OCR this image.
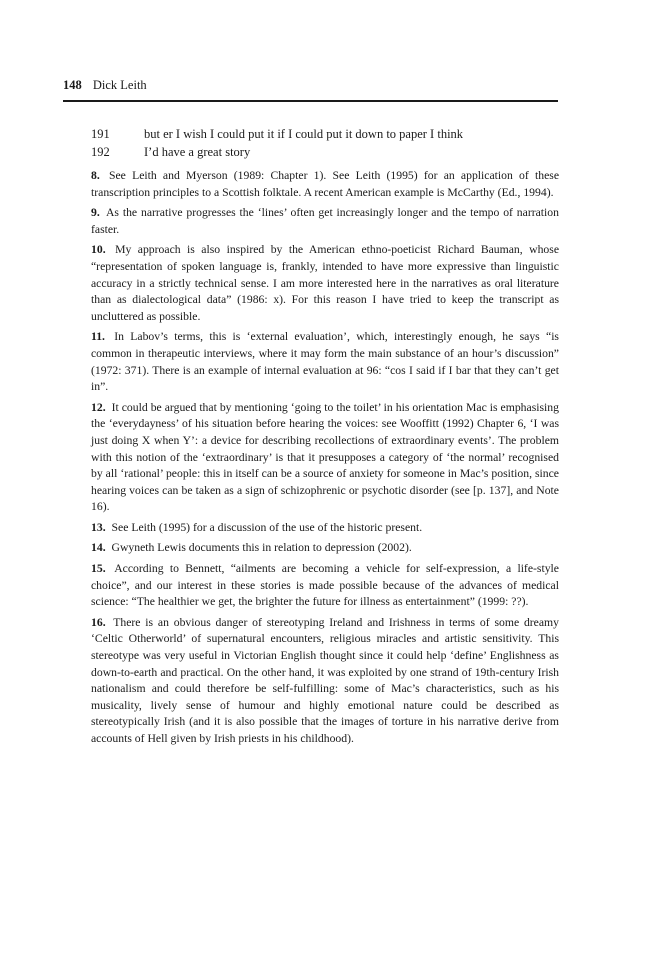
148 Dick Leith
191	but er I wish I could put it if I could put it down to paper I think
192	I’d have a great story

8. See Leith and Myerson (1989: Chapter 1). See Leith (1995) for an application of these transcription principles to a Scottish folktale. A recent American example is McCarthy (Ed., 1994).

9. As the narrative progresses the ‘lines’ often get increasingly longer and the tempo of narration faster.

10. My approach is also inspired by the American ethno-poeticist Richard Bauman, whose “representation of spoken language is, frankly, intended to have more expressive than linguistic accuracy in a strictly technical sense. I am more interested here in the narratives as oral literature than as dialectological data” (1986: x). For this reason I have tried to keep the transcript as uncluttered as possible.

11. In Labov’s terms, this is ‘external evaluation’, which, interestingly enough, he says “is common in therapeutic interviews, where it may form the main substance of an hour’s discussion” (1972: 371). There is an example of internal evaluation at 96: “cos I said if I bar that they can’t get in”.

12. It could be argued that by mentioning ‘going to the toilet’ in his orientation Mac is emphasising the ‘everydayness’ of his situation before hearing the voices: see Wooffitt (1992) Chapter 6, ‘I was just doing X when Y’: a device for describing recollections of extraordinary events’. The problem with this notion of the ‘extraordinary’ is that it presupposes a category of ‘the normal’ recognised by all ‘rational’ people: this in itself can be a source of anxiety for someone in Mac’s position, since hearing voices can be taken as a sign of schizophrenic or psychotic disorder (see [p. 137], and Note 16).

13. See Leith (1995) for a discussion of the use of the historic present.

14. Gwyneth Lewis documents this in relation to depression (2002).

15. According to Bennett, “ailments are becoming a vehicle for self-expression, a life-style choice”, and our interest in these stories is made possible because of the advances of medical science: “The healthier we get, the brighter the future for illness as entertainment” (1999: ??).

16. There is an obvious danger of stereotyping Ireland and Irishness in terms of some dreamy ‘Celtic Otherworld’ of supernatural encounters, religious miracles and artistic sensitivity. This stereotype was very useful in Victorian English thought since it could help ‘define’ Englishness as down-to-earth and practical. On the other hand, it was exploited by one strand of 19th-century Irish nationalism and could therefore be self-fulfilling: some of Mac’s characteristics, such as his musicality, lively sense of humour and highly emotional nature could be described as stereotypically Irish (and it is also possible that the images of torture in his narrative derive from accounts of Hell given by Irish priests in his childhood).
